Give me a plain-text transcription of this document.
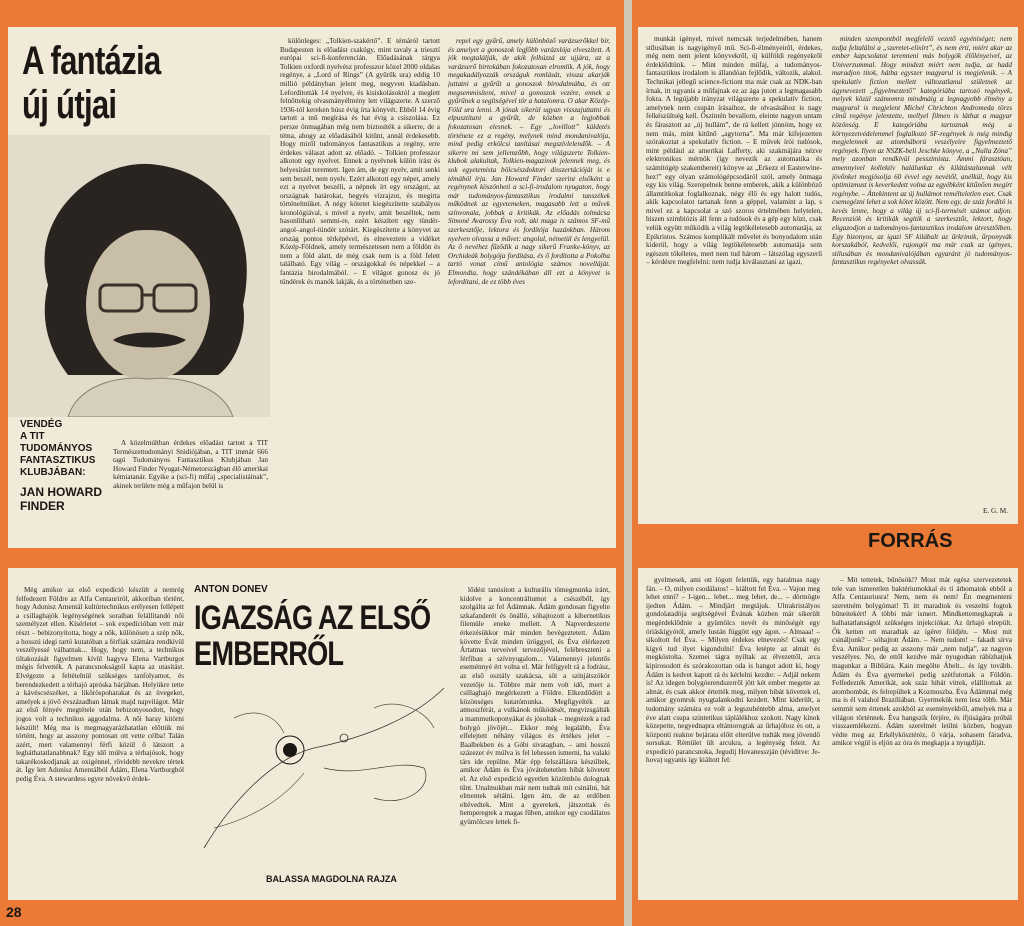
A fantázia
új útjai
VENDÉG
A TIT
TUDOMÁNYOS
FANTASZTIKUS
KLUBJÁBAN:
JAN HOWARD
FINDER

A közelmúltban érdekes előadást tartott a TIT Természettudományi Stúdiójában, a TIT immár 666 tagú Tudományos Fantasztikus Klubjában Jan Howard Finder Nyugat-Németországban élő amerikai kémiatanár. Egyike a (sci-fi) műfaj „specialistáinak”, akinek területe még a műfajon belül is

különleges: „Tolkien-szakértő”. E témáról tartott Budapesten is előadást csakúgy, mint tavaly a triesztí európai sci-fi-konferencián. Előadásának tárgya Tolkien oxfordi nyelvész professzor közel 2000 oldalas regénye, a „Lord of Rings” (A gyűrűk ura) eddig 10 millió példányban jelent meg, negyven kiadásban. Lefordították 14 nyelvre, és kisiskolásoktól a meglett felnőttekig olvasmányélmény lett világszerte. A szerző 1936-tól kereken húsz évig írta könyvét. Ebből 14 évig tartott a mű megírása és hat évig a csiszolása. Ez persze önmagában még nem biztosíték a sikerre, de a téma, ahogy az előadásából kitűnt, annál érdekesebb. Hogy miről tudományos fantasztikus a regény, erre érdekes választ adott az előadó. – Tolkien professzor alkotott egy nyelvet. Ennek a nyelvnek külön írást és helyesírást teremtett. Igen ám, de egy nyelv, amit senki sem beszél, nem nyelv. Ezért alkotott egy népet, amely ezt a nyelvet beszéli, a népnek írt egy országot, az országnak határokat, hegyés vízrajzot, és megírta történelmüket. A négy kötetet kiegészítette szabályos kronológiával, s mivel a nyelv, amit beszéltek, nem hasonlítható semmi-re, ezért készített egy tündér-angol–angol-tündér szótárt. Kiegészítette a könyvet az ország pontos térképével, és elneveztete a vidéket Közép-Földnek, amely természetesen nem a földön és nem a föld alatt, de még csak nem is a föld felett található. Egy világ – országokkal és népekkel – a fantázia birodalmából. – E világot gonosz és jó tündérek és manók lakják, és a történetben sze-

repel egy gyűrű, amely különböző varázserőkkel bír, és amelyet a gonoszok legfőbb varázslója elveszített. A jók megtalálják, de akik felhúzzá az ujjára, az a varázserő birtokában fokozatosan elromlik. A jók, hogy megakadályozzák országuk romlását, vissza akarják juttatni a gyűrűt a gonoszok birodalmába, és ott megsemmisíteni, mivel a gonoszok vezére, ennek a gyűrűnek a segítségével tör a hatalomra. O akar Közép-Föld ura lenni. A jónak sikerül ugyan visszajuttatni és elpusztítani a gyűrűt, de közben a legjobbak fokozatosan elesnek. – Egy „lovillott” küldetés története ez a regény, melynek mind mondanivalója, mind pedig erkölcsi tanításai megszívlelendők. – A sikerre mi sem jellemzőbb, hogy világszerte Tolkien-klubok alakultak, Tolkien-magazinok jelennek meg, és sok egyetemista bölcsészdoktori disszertációját is e témából írja. Jan Howard Finder szerint elsőként a regénynek köszönheti a sci-fi-irodalom nyugaton, hogy már tudományos-fantasztikus irodalmi tanszékek működnek az egyetemeken, magasabb lett a művek színvonala, jobbak a kritikák. Az előadás tolmácsa Simoné Avarossy Éva volt, aki maga is számos SF-mű szerkesztője, lektora és fordítója hazánkban. Három nyelven olvassa a művet: angolul, németül és lengyelül. Az ő nevéhez fűződik a nagy sikerű Franke-könyv, az Orchideák bolygója fordítása, és ő fordította a Pokolba tartó vonat című antológia számos novelláját. Elmondta, hogy szándékában áll ezt a könyvet is lefordítani, de ez több éves

Még amikor az első expedíció készült a nemrég felfedezett Földre az Alfa Centauriról, akkoriban történt, hogy Adonisz Amentál kultúrtechnikus erélyesen fellépett a csillaghajók legénységének soraiban felállítandó női személyzet ellen. Kísérletet – sok expedícióban vett már részt – bebizonyította, hogy a nők, különösen a szép nők, a hosszú idegi tartó kutatóban a férfiak számára rendkívül veszélyessé válhatnak... Hogy, hogy nem, a technikus tiltakozását figyelmen kívül hagyva Elena Vartburgot mégis felvették. A parancsnokságtól kapta az utasítást. Elvégezte a feltételnül szükséges tanfolyamot, és berendezkedett a térhajó apróska bárjában. Helyükre tette a kávéscsészéket, a likőröspoharakat és az üvegeket, amelyek a jövő évszázadban látnak majd napvilágot. Már az első fényév megtétele után bebizonyosodott, hogy jogos volt a technikus aggodalma. A női haray kitörni készült! Még ma is megmagyarázhatatlan előttük mi történt, hogy az asszony pontosan ott vette célba! Talán azért, mert valamennyi férfi közül ő látszott a legháthatatlanabbnak? Egy idő múlva a térhajósok, hogy takarékoskodjanak az oxigénnel, rövidebb nevekre tértek át. Így lett Adonisz Amentálból Ádám, Elena Vartburgból pedig Éva. A stewardess egyre növekvő érdek-

ANTON DONEV
IGAZSÁG AZ ELSŐ
EMBERRŐL
BALASSA MAGDOLNA RAJZA

lődést tanúsított a kulturális tömegmunka iránt, kidolve a koncentráltumot a csészébőI, így szolgálta az fel Ádámnak. Ádám gondosan figyelte szkafanderét és önálló, sóhajtozott a kibernetikus filemüle eneke mellett. A Napverdeszerte érkezésükkor már minden bevégeztetett. Ádám követte Évát minden üröggyel, és Éva elérkezett Ártatmas terveivel tervezőjével, felébresztení a férfiban a szívnyugalom... Valamennyi jelentős eseménnyé ért volna el. Már felfigyelt rá a fodrász, az első osztály szakácsa, sőt a színjátszókör vezetője is. Többre már nem volt idő, mert a csillaghajó megérkezett a Földre. Elkezdődött a közönséges kutatómunka. Megfigyelték az atmoszférát, a vulkánok működését, megvizsgálták a mammutkoponyákat és jósoltak – megnézek a rad bolygó jövőjét... Ekkor még legalább, Éva elfelejtett néhány világos és értékes jelet – Baalbekben és a Góbi sivatagban, – ami hosszú százezer év múlva is fel lehessen ismerni, ha valaki társ ide repülne. Már épp felszállásra készültek, amikor Ádám és Éva jóvátehetetlen hibát követett el. Az első expedíció egyetlen közömbös dolognak tűnt. Unalmukban már nem tudtak mit csinálni, hát elmentek sétálni. Igen ám, de az erdőben eltévedtek. Mint a gyerekek, játszottak és hemperegtek a magas fűben, amikor egy csodálatos gyümölcsre lettek fi-

28

munkát igényel, mivel nemcsak terjedelmében, hanem stílusában is nagyigényű mű. Sci-fi-élményeiről, érdekes, még nem nem jelent könyvekről, új külföldi regényekről érdeklődtünk. – Mint minden műfaj, a tudományos-fantasztikus irodalom is állandóan fejlődik, változik, alakul. Technikai jellegű science-fictiont ma már csak az NDK-ban írnak, itt ugyanis a műfajnak ez az ága jutott a legmagasabb fokra. A legújabb irányzat világszerte a spekulatív fiction, amelynek nem csupán írásaihoz, de olvasásához is nagy felkészültség kell. Őszintén bevallom, eleinte nagyon untam és fárasztott az „új hullám”, de rá kellett jönnöm, hogy ez nem más, mint kitűnő „agytorna”. Ma már kifejezetten szórakoztat a spekulatív fiction. – E művek írói tudósok, mint például az amerikai Lafferty, aki szakmájára nézve elektronikus mérnök (így nevezik az automatika és számítógép szakembereit) könyve az „Erkezz el Easterwine-hez!” egy olyan számológépcsodáról szól, amely önmaga egy kis világ. Szerepelnek benne emberek, akik a különböző államtitkokat foglalkoznak, négy élő és egy halott tudós, akik kapcsolatot tartanak fenn a géppel, valamint a lap, s mivel ez a kapcsolat a szó szoros értelmében helytelen, hiszen szimbiózis áll fenn a tudósok és a gép egy közt, csak velük együtt működik a világ legtökéletesebb automatája, az Epikristos. Számos komplikált művelet és bonyodalom után kiderül, hogy a világ legtökéletesebb automatája sem egészen tökéletes, mert nem tud három – látszólag egyszerű – kérdésre megfelelni: nem tudja kiválasztani az igazi,

minden szempontból megfelelő vezető egyéniséget; nem tudja feltalálni a „szeretet-elixírt”, és nem érti, miért akar az ember kapcsolatot teremteni más bolygók élőlényeivel, az Univerzummal. Hogy mindezt miért nem tudja, az hadd maradjon titok, hátha egyszer magyarul is megjelenik. – A spekulatív fiction mellett változatlanul születnek az úgynevezett „figyelmeztető” kategóriába tartozó regények, melyek közül számomra mindmáig a legnagyobb élmény a magyarul is megjelent Michel Chrichton Andromeda törzs című regénye jelentette, mellyel filmen is láthat a magyar közönség. E kategóriába tartoznak még a környezetvédelemmel foglalkozó SF-regények is még mindig megjelennek az atomháború veszélyeire figyelmeztető regények. Ilyen az NSZK-beli Jeschke könyve, a „Nulla Zóna” mely azonban rendkívül pesszimista. Ámmi fárasztóan, amennyivel kollektív halálunkat és kilátástalannak vélt jövőnket megjósolja 60 évvel egy nevétől, anélkül, hogy kis optimizmust is keverkedett volna az egyébként kitűnően megírt regénybe. – Áttekintent az új hullámot remélteletlen eset. Csak csemegézni lehet a sok kötet között. Nem egy, de száz fordító is kevés lenne, hogy a világ új sci-fi-termését számot adjon. Recenziók és kritikák segítik a szerkesztőt, lektort, hogy eligazodjon a tudományos-fantasztikus irodalom útvesztőiben. Egy bizonyos, az igazi SF kilábalt az űrkrimik, űrponyvák korszakából, kedvelői, rajongói ma már csak az igényes, stílusában és mondanivalójában egyaránt jó tudományos-fantasztikus regényeket olvassák.

E. G. M.
FORRÁS

gyelmesek, ami ott lógott felettük, egy hatalmas nagy fán. – O, milyen csodálatos! – kiáltott fel Éva. – Vajon meg lehet enni? – I-igen... lehet... meg lehet, de... – dörmögte ijedten Ádám. – Mindjárt megtájuk. Ultrakristályos gondolatadója segítségével Évának közben már sikerült megérdeklődnie a gyümölcs nevét és minőségét egy óriáskígyótól, amely lustán függött egy ágon. – Almaaa! – sikoltott fel Éva. – Milyen érdekes elnevezés! Csak egy kígyó tud ilyet kigondolni! Éva letépte az almát és megkóstolta. Szemei tágra nyíltak az élvezettől, arca kipirosodott és szórakozottan oda is hangot adott ki, hogy Ádám is kedvet kapott rá és kérlelni kezdte: – Adjál nekem is! Az idegen bolygóerendszerről jött két ember megette az almát, és csak akkor értették meg, milyen hibát követtek el, amikor gyomruk nyugtalankodni kezdett. Mint kiderült, a tudomány számára ez volt a legszuhéntebb alma, amelyet éve alatt csupa szintetikus táplálékhoz szokott. Nagy kínok közepette, negyednapra eltántorogtak az űrhajóhoz és ott, a központi reaktor bejárata előtt elterülve tudták meg jövendő sorsukat. Rémület ült arcukra, a legénység feleit. Az expedíció parancsnoka, Jegudij Hovanesszján (tévidítve: Je-hova) ugyanis így kiáltott fel:

– Mit tettetek, bűnösök!? Most már egész szervezetetek tele van ismeretlen baktériumokkal és tí áthomatok ebből a Alfa Centauriusra! Nem, nem és nem! Én megmenteni szeretném bolygómat! Ti itt maradtok és veszelni fogtok bűneitekért! A többi már ismert. Mindkettemegkaptak a halhatatlanságtól szükséges injekciókat. Az űrhajó elrepült. Ők ketten ott maradtak az ígéret földjén. – Most mit csináljunk? – sóhajtott Ádám. – Nem tudom! – fakadt sírva Éva. Amikor pedig az asszony már „nem tudja”, az nagyon veszélyes. No, de ettől kezdve már nyugodtan rábízhatjuk magunkat a Bibliára. Kain megölte Ábelt... és így tovább. Ádám és Éva gyermekei pedig szétfutottak a Földön. Felfedezték Amerikát, sok száz hibát vittek, elállítottak az atombombát, és felrepültek a Kozmoszba. Éva Ádámmal még ma is él valahol Brazíliában. Gyermekük nem lesz több. Már semmit sem értenek azokból az eseményekből, amelyek ma a világon történnek. Éva hangszik férjére, és ifjúságára próbál visszaemlékezni. Ádám szerelmét leülni közben, hogyan védte meg az Erkélykösztéréz, ő várja, sohasem fáradva, amikor végül is eljön az óra és megkapja a nyugdíját.
